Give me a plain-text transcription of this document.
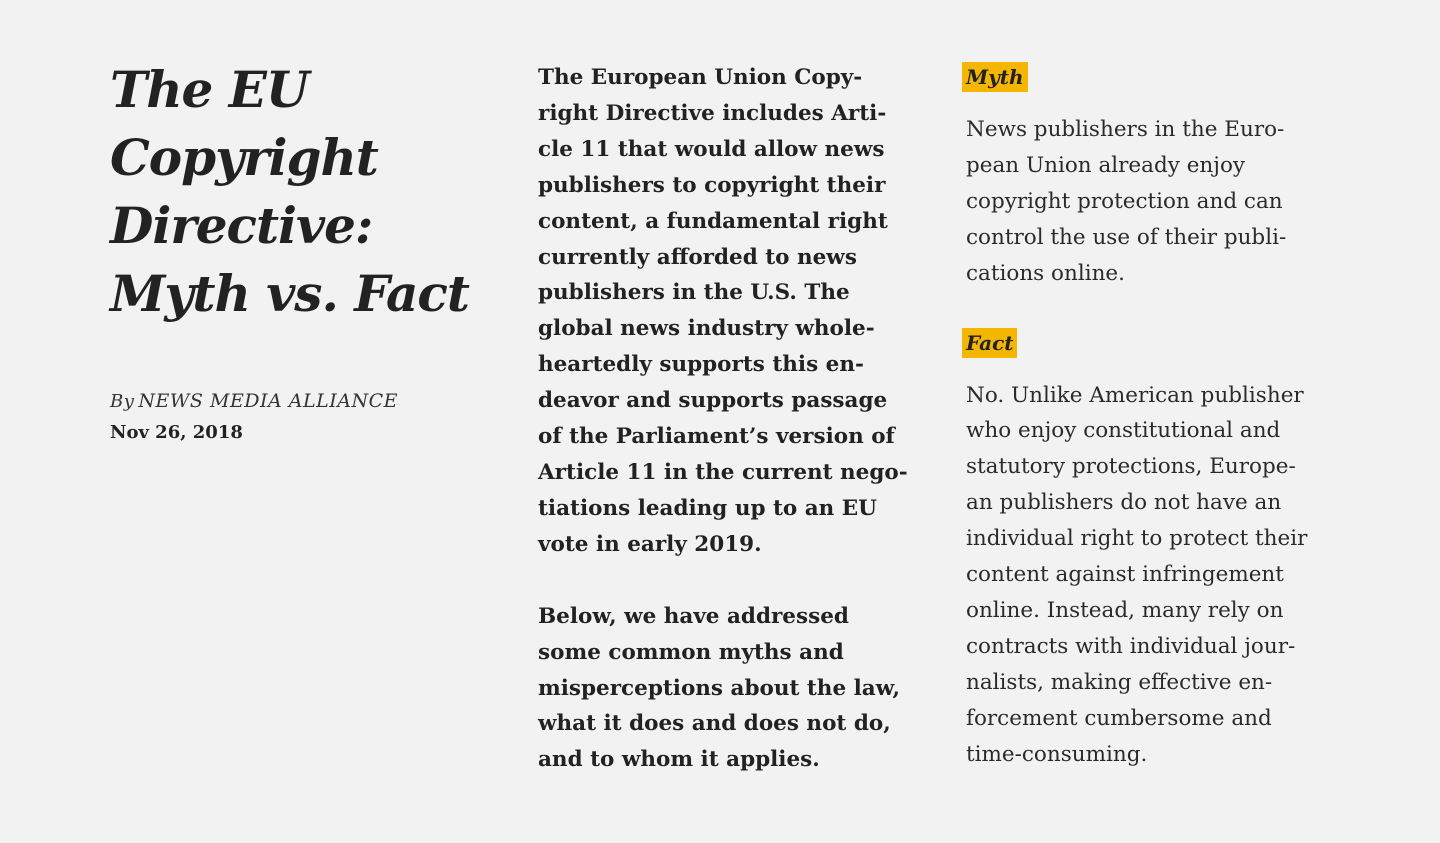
The EU
Copyright
Directive:
Myth vs. Fact
By NEWS MEDIA ALLIANCE
Nov 26, 2018

The European Union Copy-
right Directive includes Arti-
cle 11 that would allow news
publishers to copyright their
content, a fundamental right
currently afforded to news
publishers in the U.S. The
global news industry whole-
heartedly supports this en-
deavor and supports passage
of the Parliament’s version of
Article 11 in the current nego-
tiations leading up to an EU
vote in early 2019.

Below, we have addressed
some common myths and
misperceptions about the law,
what it does and does not do,
and to whom it applies.

Myth

News publishers in the Euro-
pean Union already enjoy
copyright protection and can
control the use of their publi-
cations online.

Fact

No. Unlike American publisher
who enjoy constitutional and
statutory protections, Europe-
an publishers do not have an
individual right to protect their
content against infringement
online. Instead, many rely on
contracts with individual jour-
nalists, making effective en-
forcement cumbersome and
time-consuming.
